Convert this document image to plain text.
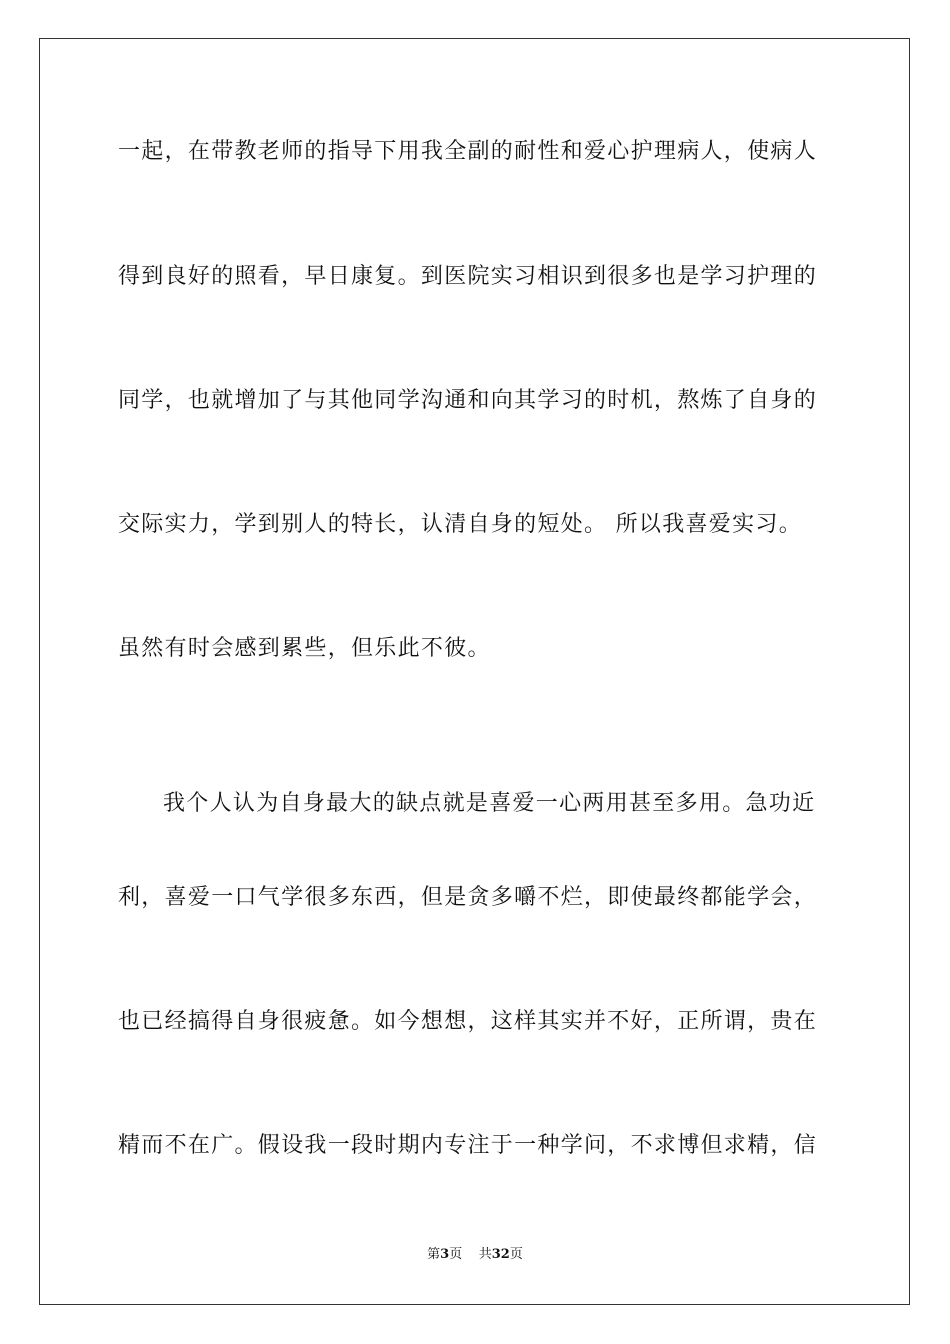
一起，在带教老师的指导下用我全副的耐性和爱心护理病人，使病人
得到良好的照看，早日康复。到医院实习相识到很多也是学习护理的
同学，也就增加了与其他同学沟通和向其学习的时机，熬炼了自身的
交际实力，学到别人的特长，认清自身的短处。 所以我喜爱实习。
虽然有时会感到累些，但乐此不彼。
我个人认为自身最大的缺点就是喜爱一心两用甚至多用。急功近
利，喜爱一口气学很多东西，但是贪多嚼不烂，即使最终都能学会，
也已经搞得自身很疲惫。如今想想，这样其实并不好，正所谓，贵在
精而不在广。假设我一段时期内专注于一种学问，不求博但求精，信
第3页 共32页
